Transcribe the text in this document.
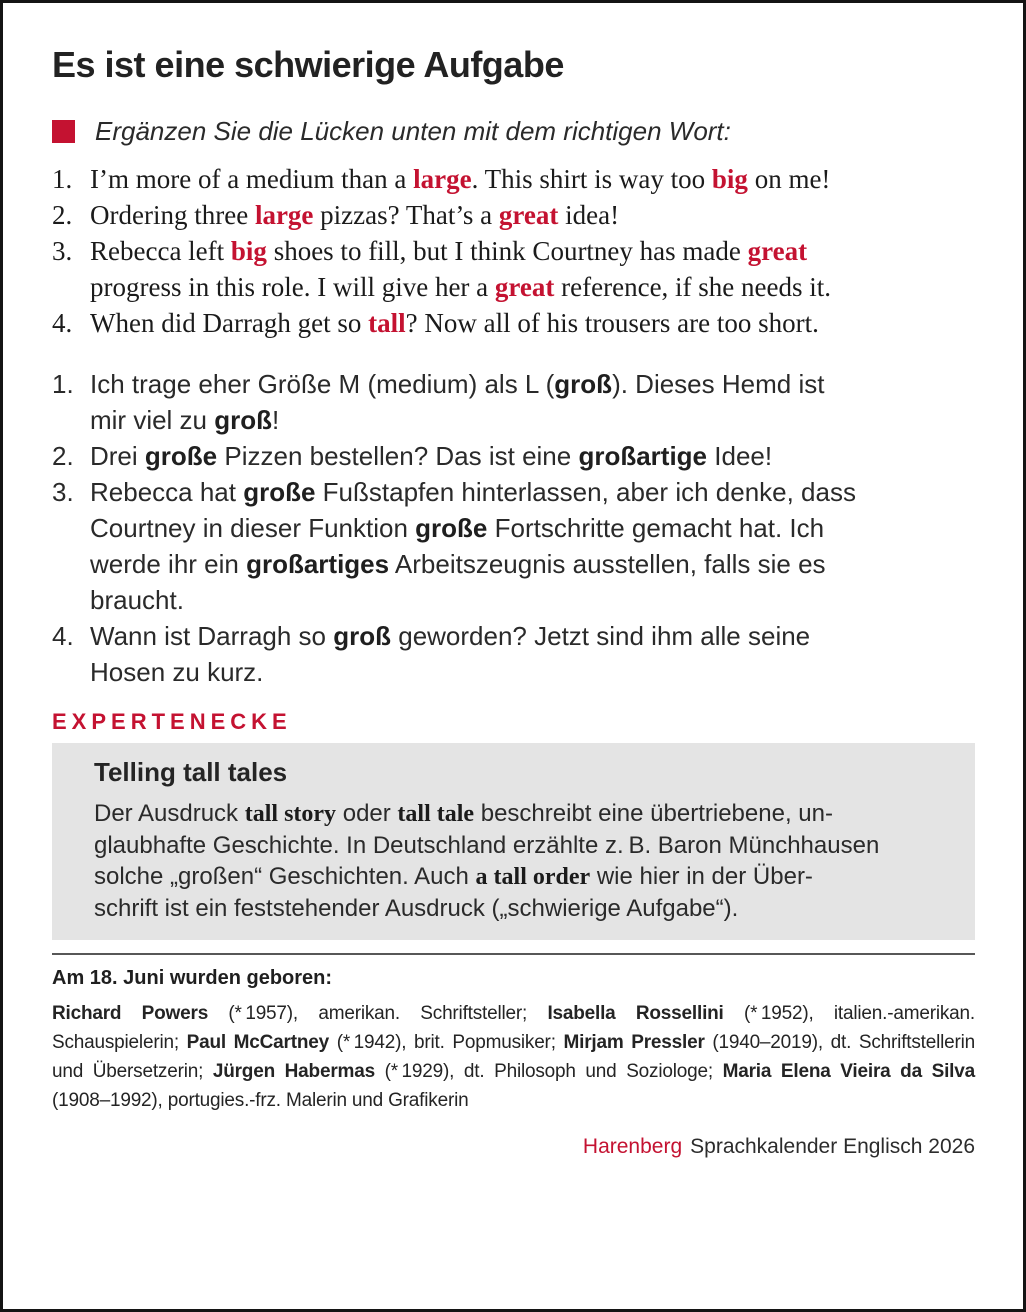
Es ist eine schwierige Aufgabe
Ergänzen Sie die Lücken unten mit dem richtigen Wort:
1. I’m more of a medium than a large. This shirt is way too big on me!
2. Ordering three large pizzas? That’s a great idea!
3. Rebecca left big shoes to fill, but I think Courtney has made great
progress in this role. I will give her a great reference, if she needs it.
4. When did Darragh get so tall? Now all of his trousers are too short.
1. Ich trage eher Größe M (medium) als L (groß). Dieses Hemd ist
mir viel zu groß!
2. Drei große Pizzen bestellen? Das ist eine großartige Idee!
3. Rebecca hat große Fußstapfen hinterlassen, aber ich denke, dass
Courtney in dieser Funktion große Fortschritte gemacht hat. Ich
werde ihr ein großartiges Arbeitszeugnis ausstellen, falls sie es
braucht.
4. Wann ist Darragh so groß geworden? Jetzt sind ihm alle seine
Hosen zu kurz.
EXPERTENECKE
Telling tall tales

Der Ausdruck tall story oder tall tale beschreibt eine übertriebene, un-
glaubhafte Geschichte. In Deutschland erzählte z. B. Baron Münchhausen
solche „großen“ Geschichten. Auch a tall order wie hier in der Über-
schrift ist ein feststehender Ausdruck („schwierige Aufgabe“).

Am 18. Juni wurden geboren:

Richard Powers (* 1957), amerikan. Schriftsteller; Isabella Rossellini (* 1952), italien.-amerikan. Schauspielerin; Paul McCartney (* 1942), brit. Popmusiker; Mirjam Pressler (1940–2019), dt. Schriftstellerin und Übersetzerin; Jürgen Habermas (* 1929), dt. Philosoph und Soziologe; Maria Elena Vieira da Silva (1908–1992), portugies.-frz. Malerin und Grafikerin

Harenberg Sprachkalender Englisch 2026
